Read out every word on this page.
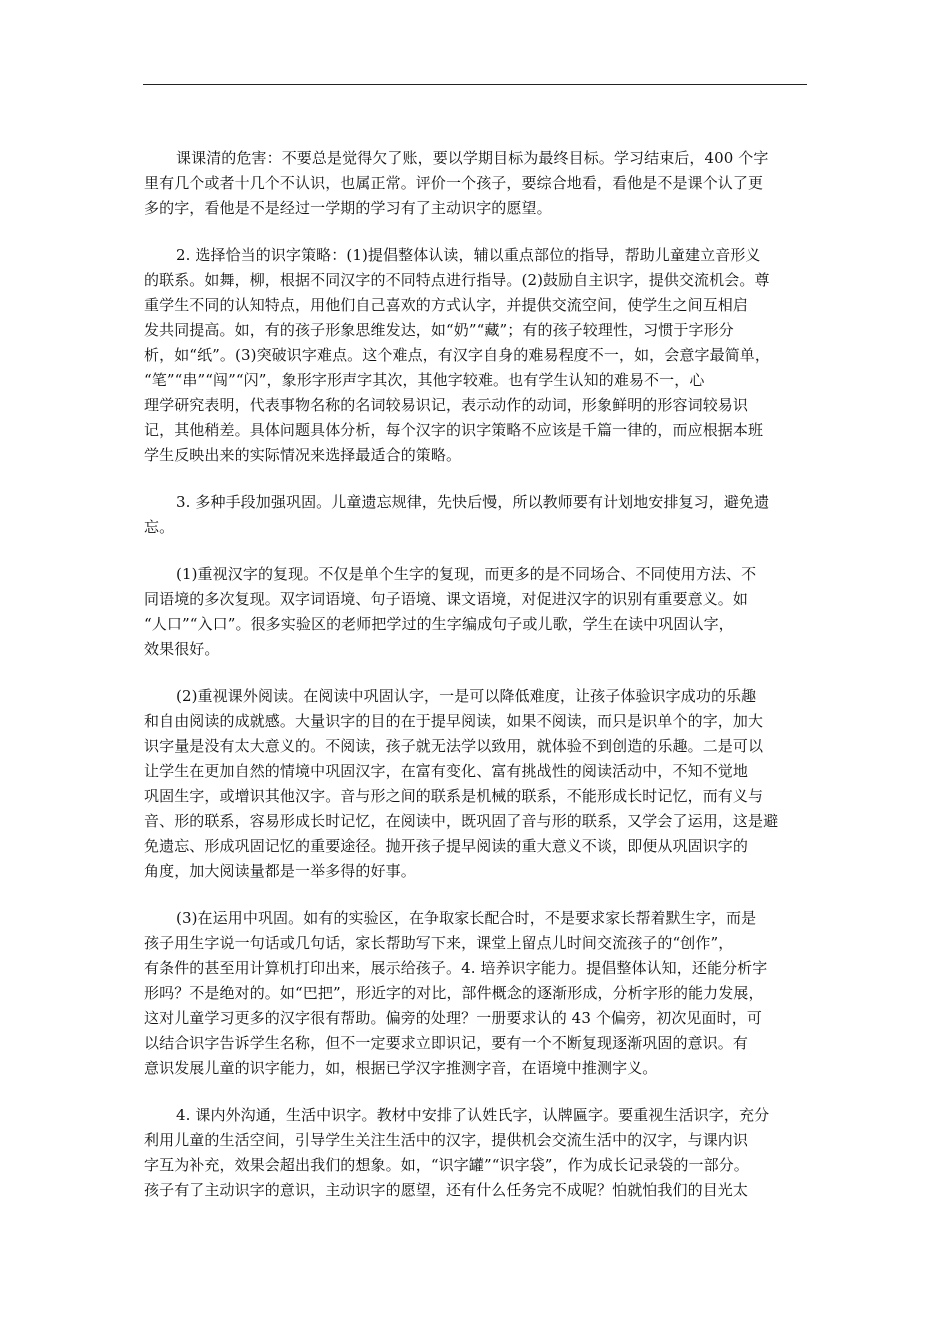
课课清的危害：不要总是觉得欠了账，要以学期目标为最终目标。学习结束后，400 个字
里有几个或者十几个不认识，也属正常。评价一个孩子，要综合地看，看他是不是课个认了更
多的字，看他是不是经过一学期的学习有了主动识字的愿望。

2. 选择恰当的识字策略：(1)提倡整体认读，辅以重点部位的指导，帮助儿童建立音形义
的联系。如舞，柳，根据不同汉字的不同特点进行指导。(2)鼓励自主识字，提供交流机会。尊
重学生不同的认知特点，用他们自己喜欢的方式认字，并提供交流空间，使学生之间互相启
发共同提高。如，有的孩子形象思维发达，如“奶”“藏”；有的孩子较理性，习惯于字形分
析，如“纸”。(3)突破识字难点。这个难点，有汉字自身的难易程度不一，如，会意字最简单，
“笔”“串”“闯”“闪”，象形字形声字其次，其他字较难。也有学生认知的难易不一，心
理学研究表明，代表事物名称的名词较易识记，表示动作的动词，形象鲜明的形容词较易识
记，其他稍差。具体问题具体分析，每个汉字的识字策略不应该是千篇一律的，而应根据本班
学生反映出来的实际情况来选择最适合的策略。

3. 多种手段加强巩固。儿童遗忘规律，先快后慢，所以教师要有计划地安排复习，避免遗
忘。

(1)重视汉字的复现。不仅是单个生字的复现，而更多的是不同场合、不同使用方法、不
同语境的多次复现。双字词语境、句子语境、课文语境，对促进汉字的识别有重要意义。如
“人口”“入口”。很多实验区的老师把学过的生字编成句子或儿歌，学生在读中巩固认字，
效果很好。

(2)重视课外阅读。在阅读中巩固认字，一是可以降低难度，让孩子体验识字成功的乐趣
和自由阅读的成就感。大量识字的目的在于提早阅读，如果不阅读，而只是识单个的字，加大
识字量是没有太大意义的。不阅读，孩子就无法学以致用，就体验不到创造的乐趣。二是可以
让学生在更加自然的情境中巩固汉字，在富有变化、富有挑战性的阅读活动中，不知不觉地
巩固生字，或增识其他汉字。音与形之间的联系是机械的联系，不能形成长时记忆，而有义与
音、形的联系，容易形成长时记忆，在阅读中，既巩固了音与形的联系，又学会了运用，这是避
免遗忘、形成巩固记忆的重要途径。抛开孩子提早阅读的重大意义不谈，即便从巩固识字的
角度，加大阅读量都是一举多得的好事。

(3)在运用中巩固。如有的实验区，在争取家长配合时，不是要求家长帮着默生字，而是
孩子用生字说一句话或几句话，家长帮助写下来，课堂上留点儿时间交流孩子的“创作”，
有条件的甚至用计算机打印出来，展示给孩子。4. 培养识字能力。提倡整体认知，还能分析字
形吗？不是绝对的。如“巴把”，形近字的对比，部件概念的逐渐形成，分析字形的能力发展，
这对儿童学习更多的汉字很有帮助。偏旁的处理？一册要求认的 43 个偏旁，初次见面时，可
以结合识字告诉学生名称，但不一定要求立即识记，要有一个不断复现逐渐巩固的意识。有
意识发展儿童的识字能力，如，根据已学汉字推测字音，在语境中推测字义。

4. 课内外沟通，生活中识字。教材中安排了认姓氏字，认牌匾字。要重视生活识字，充分
利用儿童的生活空间，引导学生关注生活中的汉字，提供机会交流生活中的汉字，与课内识
字互为补充，效果会超出我们的想象。如，“识字罐”“识字袋”，作为成长记录袋的一部分。
孩子有了主动识字的意识，主动识字的愿望，还有什么任务完不成呢？怕就怕我们的目光太
